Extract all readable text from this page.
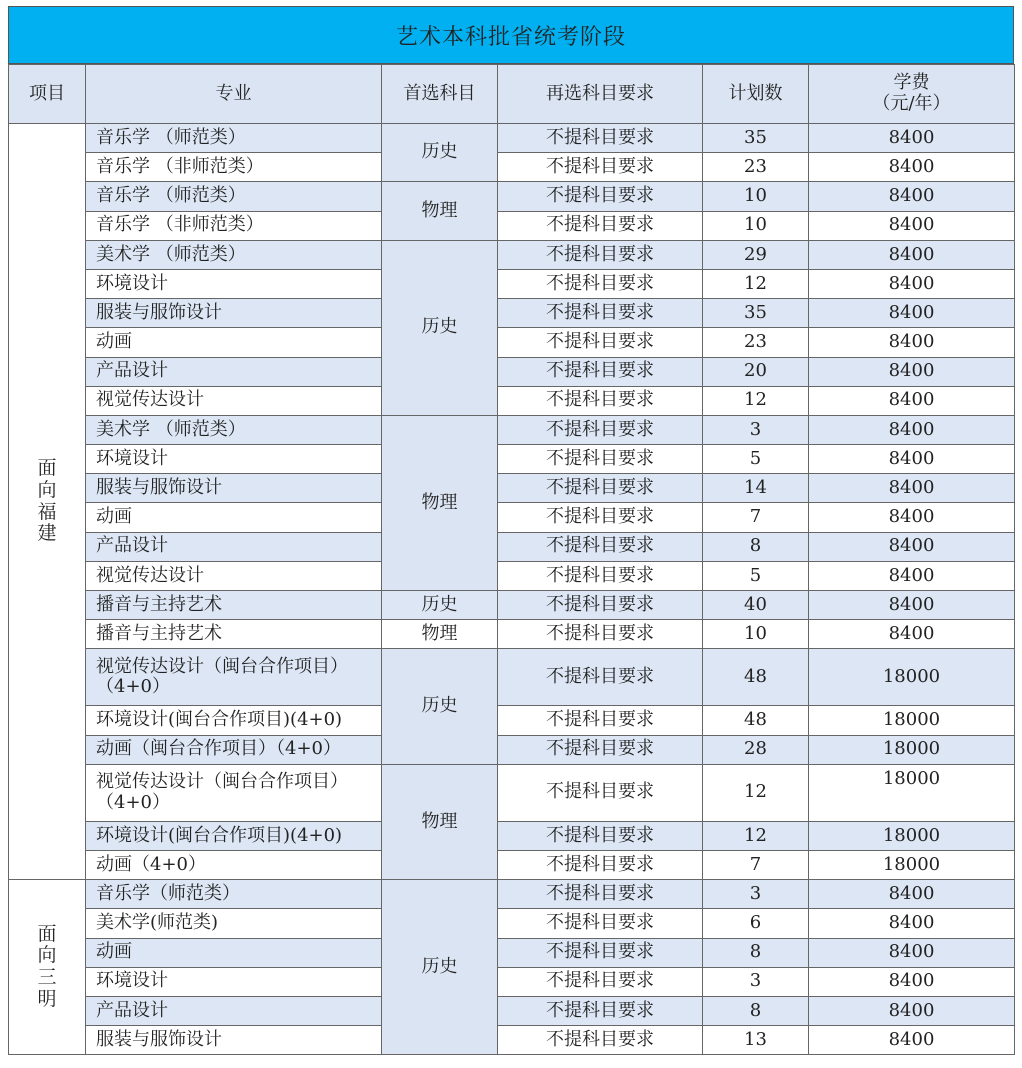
艺术本科批省统考阶段
项目	专业	首选科目	再选科目要求	计划数	学费
（元/年）

面向福建	音乐学 （师范类）	历史	不提科目要求	35	8400
	音乐学 （非师范类）		不提科目要求	23	8400
	音乐学 （师范类）	物理	不提科目要求	10	8400
	音乐学 （非师范类）		不提科目要求	10	8400
	美术学 （师范类）	历史	不提科目要求	29	8400
	环境设计		不提科目要求	12	8400
	服装与服饰设计		不提科目要求	35	8400
	动画		不提科目要求	23	8400
	产品设计		不提科目要求	20	8400
	视觉传达设计		不提科目要求	12	8400
	美术学 （师范类）	物理	不提科目要求	3	8400
	环境设计		不提科目要求	5	8400
	服装与服饰设计		不提科目要求	14	8400
	动画		不提科目要求	7	8400
	产品设计		不提科目要求	8	8400
	视觉传达设计		不提科目要求	5	8400
	播音与主持艺术	历史	不提科目要求	40	8400
	播音与主持艺术	物理	不提科目要求	10	8400
	视觉传达设计（闽台合作项目）（4+0）	历史	不提科目要求	48	18000
	环境设计(闽台合作项目)(4+0)		不提科目要求	48	18000
	动画（闽台合作项目）（4+0）		不提科目要求	28	18000
	视觉传达设计（闽台合作项目）（4+0）	物理	不提科目要求	12	18000
	环境设计(闽台合作项目)(4+0)		不提科目要求	12	18000
	动画（4+0）		不提科目要求	7	18000
面向三明	音乐学（师范类）	历史	不提科目要求	3	8400
	美术学(师范类)		不提科目要求	6	8400
	动画		不提科目要求	8	8400
	环境设计		不提科目要求	3	8400
	产品设计		不提科目要求	8	8400
	服装与服饰设计		不提科目要求	13	8400
